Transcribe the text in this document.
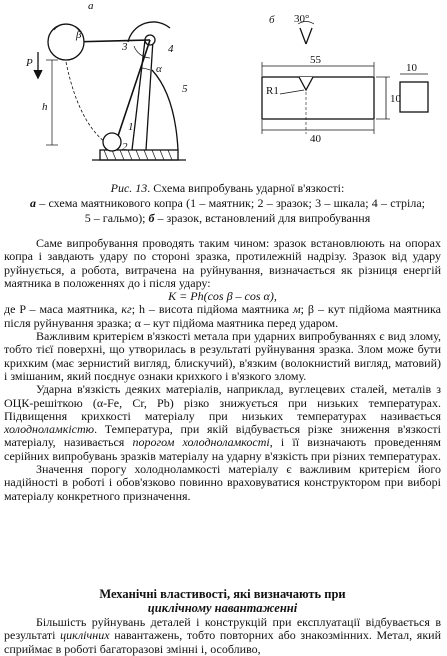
а
б
1
2
3	4
5
P
h
β
α
30°
55
R1
40
10
10
Рис. 13. Схема випробувань ударної в'язкості:
а – схема маятникового копра (1 – маятник; 2 – зразок; 3 – шкала; 4 – стріла; 5 – гальмо); б – зразок, встановлений для випробування

Саме випробування проводять таким чином: зразок встановлюють на опорах копра і завдають удару по стороні зразка, протилежній надрізу. Зразок від удару руйнується, а робота, витрачена на руйнування, визначається як різниця енергій маятника в положеннях до і після удару:

K = Ph(cos β – cos α),

де P – маса маятника, кг; h – висота підйома маятника м; β – кут підйома маятника після руйнування зразка; α – кут підйома маятника перед ударом.

Важливим критерієм в'язкості метала при ударних випробуваннях є вид злому, тобто тієї поверхні, що утворилась в результаті руйнування зразка. Злом може бути крихким (має зернистий вигляд, блискучий), в'язким (волокнистий вигляд, матовий) і змішаним, який поєднує ознаки крихкого і в'язкого злому.

Ударна в'язкість деяких матеріалів, наприклад, вуглецевих сталей, металів з ОЦК-решіткою (α-Fe, Cr, Pb) різко знижується при низьких температурах. Підвищення крихкості матеріалу при низьких температурах називається холодноламкістю. Температура, при якій відбувається різке зниження в'язкості матеріалу, називається порогом холодноламкості, і її визначають проведенням серійних випробувань зразків матеріалу на ударну в'язкість при різних температурах.

Значення порогу холодноламкості матеріалу є важливим критерієм його надійності в роботі і обов'язково повинно враховуватися конструктором при виборі матеріалу конкретного призначення.

Механічні властивості, які визначають при
циклічному навантаженні

Більшість руйнувань деталей і конструкцій при експлуатації відбувається в результаті циклічних навантажень, тобто повторних або знакозмінних. Метал, який сприймає в роботі багаторазові змінні і, особливо,
